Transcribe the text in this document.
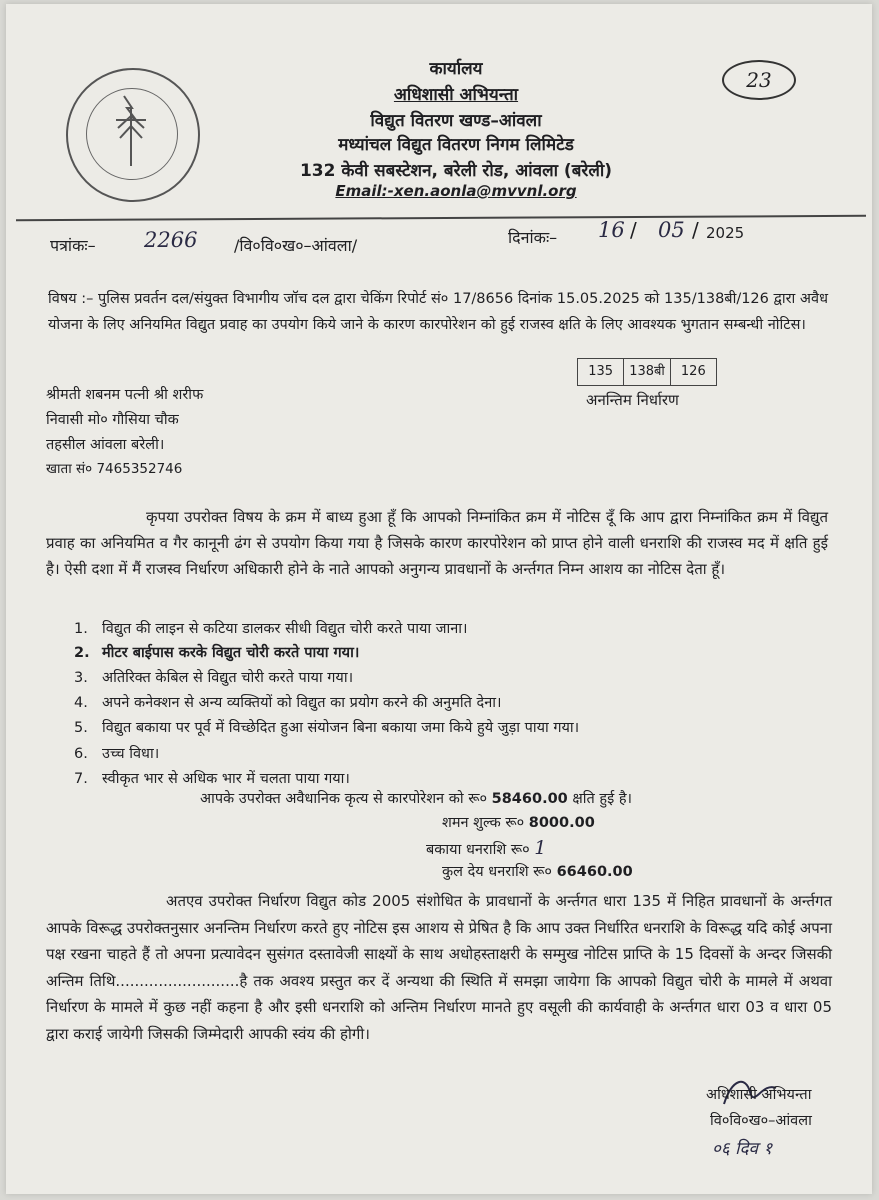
कार्यालय
अधिशासी अभियन्ता
विद्युत वितरण खण्ड–आंवला
मध्यांचल विद्युत वितरण निगम लिमिटेड
132 केवी सबस्टेशन, बरेली रोड, आंवला (बरेली)
Email:-xen.aonla@mvvnl.org
23
पत्रांकः– 2266 /वि०वि०ख०–आंवला/	दिनांकः– 16 / 05 / 2025
विषय :– पुलिस प्रवर्तन दल/संयुक्त विभागीय जॉच दल द्वारा चेकिंग रिपोर्ट सं० 17/8656 दिनांक 15.05.2025 को 135/138बी/126 द्वारा अवैध योजना के लिए अनियमित विद्युत प्रवाह का उपयोग किये जाने के कारण कारपोरेशन को हुई राजस्व क्षति के लिए आवश्यक भुगतान सम्बन्धी नोटिस।
135	138बी	126
अनन्तिम निर्धारण
श्रीमती शबनम पत्नी श्री शरीफ
निवासी मो० गौसिया चौक
तहसील आंवला बरेली।
खाता सं० 7465352746
कृपया उपरोक्त विषय के क्रम में बाध्य हुआ हूँ कि आपको निम्नांकित क्रम में नोटिस दूँ कि आप द्वारा निम्नांकित क्रम में विद्युत प्रवाह का अनियमित व गैर कानूनी ढंग से उपयोग किया गया है जिसके कारण कारपोरेशन को प्राप्त होने वाली धनराशि की राजस्व मद में क्षति हुई है। ऐसी दशा में मैं राजस्व निर्धारण अधिकारी होने के नाते आपको अनुगन्य प्रावधानों के अर्न्तगत निम्न आशय का नोटिस देता हूँ।
1. विद्युत की लाइन से कटिया डालकर सीधी विद्युत चोरी करते पाया जाना।
2. मीटर बाईपास करके विद्युत चोरी करते पाया गया।
3. अतिरिक्त केबिल से विद्युत चोरी करते पाया गया।
4. अपने कनेक्शन से अन्य व्यक्तियों को विद्युत का प्रयोग करने की अनुमति देना।
5. विद्युत बकाया पर पूर्व में विच्छेदित हुआ संयोजन बिना बकाया जमा किये हुये जुड़ा पाया गया।
6. उच्च विधा।
7. स्वीकृत भार से अधिक भार में चलता पाया गया।
आपके उपरोक्त अवैधानिक कृत्य से कारपोरेशन को रू० 58460.00 क्षति हुई है।
शमन शुल्क रू० 8000.00
बकाया धनराशि रू० 1
कुल देय धनराशि रू० 66460.00
अतएव उपरोक्त निर्धारण विद्युत कोड 2005 संशोधित के प्रावधानों के अर्न्तगत धारा 135 में निहित प्रावधानों के अर्न्तगत आपके विरूद्ध उपरोक्तनुसार अनन्तिम निर्धारण करते हुए नोटिस इस आशय से प्रेषित है कि आप उक्त निर्धारित धनराशि के विरूद्ध यदि कोई अपना पक्ष रखना चाहते हैं तो अपना प्रत्यावेदन सुसंगत दस्तावेजी साक्ष्यों के साथ अधोहस्ताक्षरी के सम्मुख नोटिस प्राप्ति के 15 दिवसों के अन्दर जिसकी अन्तिम तिथि..........................है तक अवश्य प्रस्तुत कर दें अन्यथा की स्थिति में समझा जायेगा कि आपको विद्युत चोरी के मामले में अथवा निर्धारण के मामले में कुछ नहीं कहना है और इसी धनराशि को अन्तिम निर्धारण मानते हुए वसूली की कार्यवाही के अर्न्तगत धारा 03 व धारा 05 द्वारा कराई जायेगी जिसकी जिम्मेदारी आपकी स्वंय की होगी।
अधिशासी अभियन्ता
वि०वि०ख०–आंवला
०६ दिव १
